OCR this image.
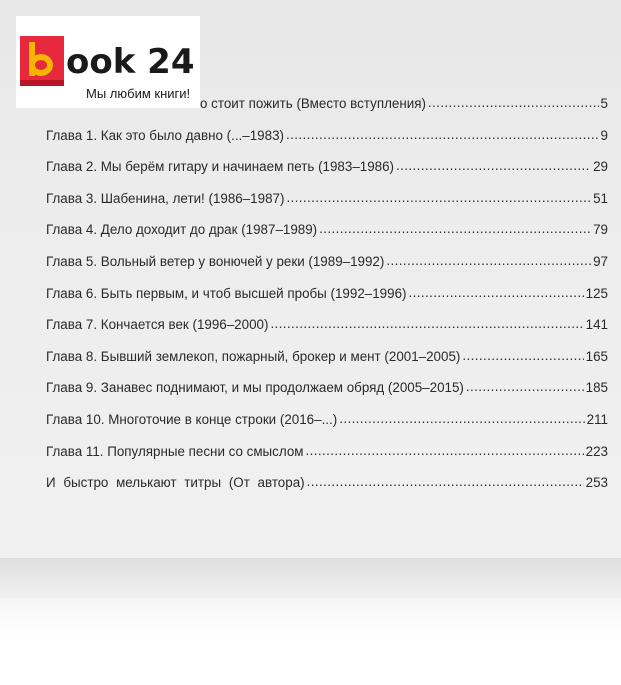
о стоит пожить (Вместо вступления) .....	5
Глава 1. Как это было давно (...–1983) .....	9
Глава 2. Мы берём гитару и начинаем петь (1983–1986) .....	29
Глава 3. Шабенина, лети! (1986–1987) .....	51
Глава 4. Дело доходит до драк (1987–1989) .....	79
Глава 5. Вольный ветер у вонючей у реки (1989–1992) .....	97
Глава 6. Быть первым, и чтоб высшей пробы (1992–1996) .....	125
Глава 7. Кончается век (1996–2000) .....	141
Глава 8. Бывший землекоп, пожарный, брокер и мент (2001–2005) .....	165
Глава 9. Занавес поднимают, и мы продолжаем обряд (2005–2015) .....	185
Глава 10. Многоточие в конце строки (2016–...) .....	211
Глава 11. Популярные песни со смыслом .....	223
И быстро мелькают титры (От автора) .....	253
ook 24
Мы любим книги!
